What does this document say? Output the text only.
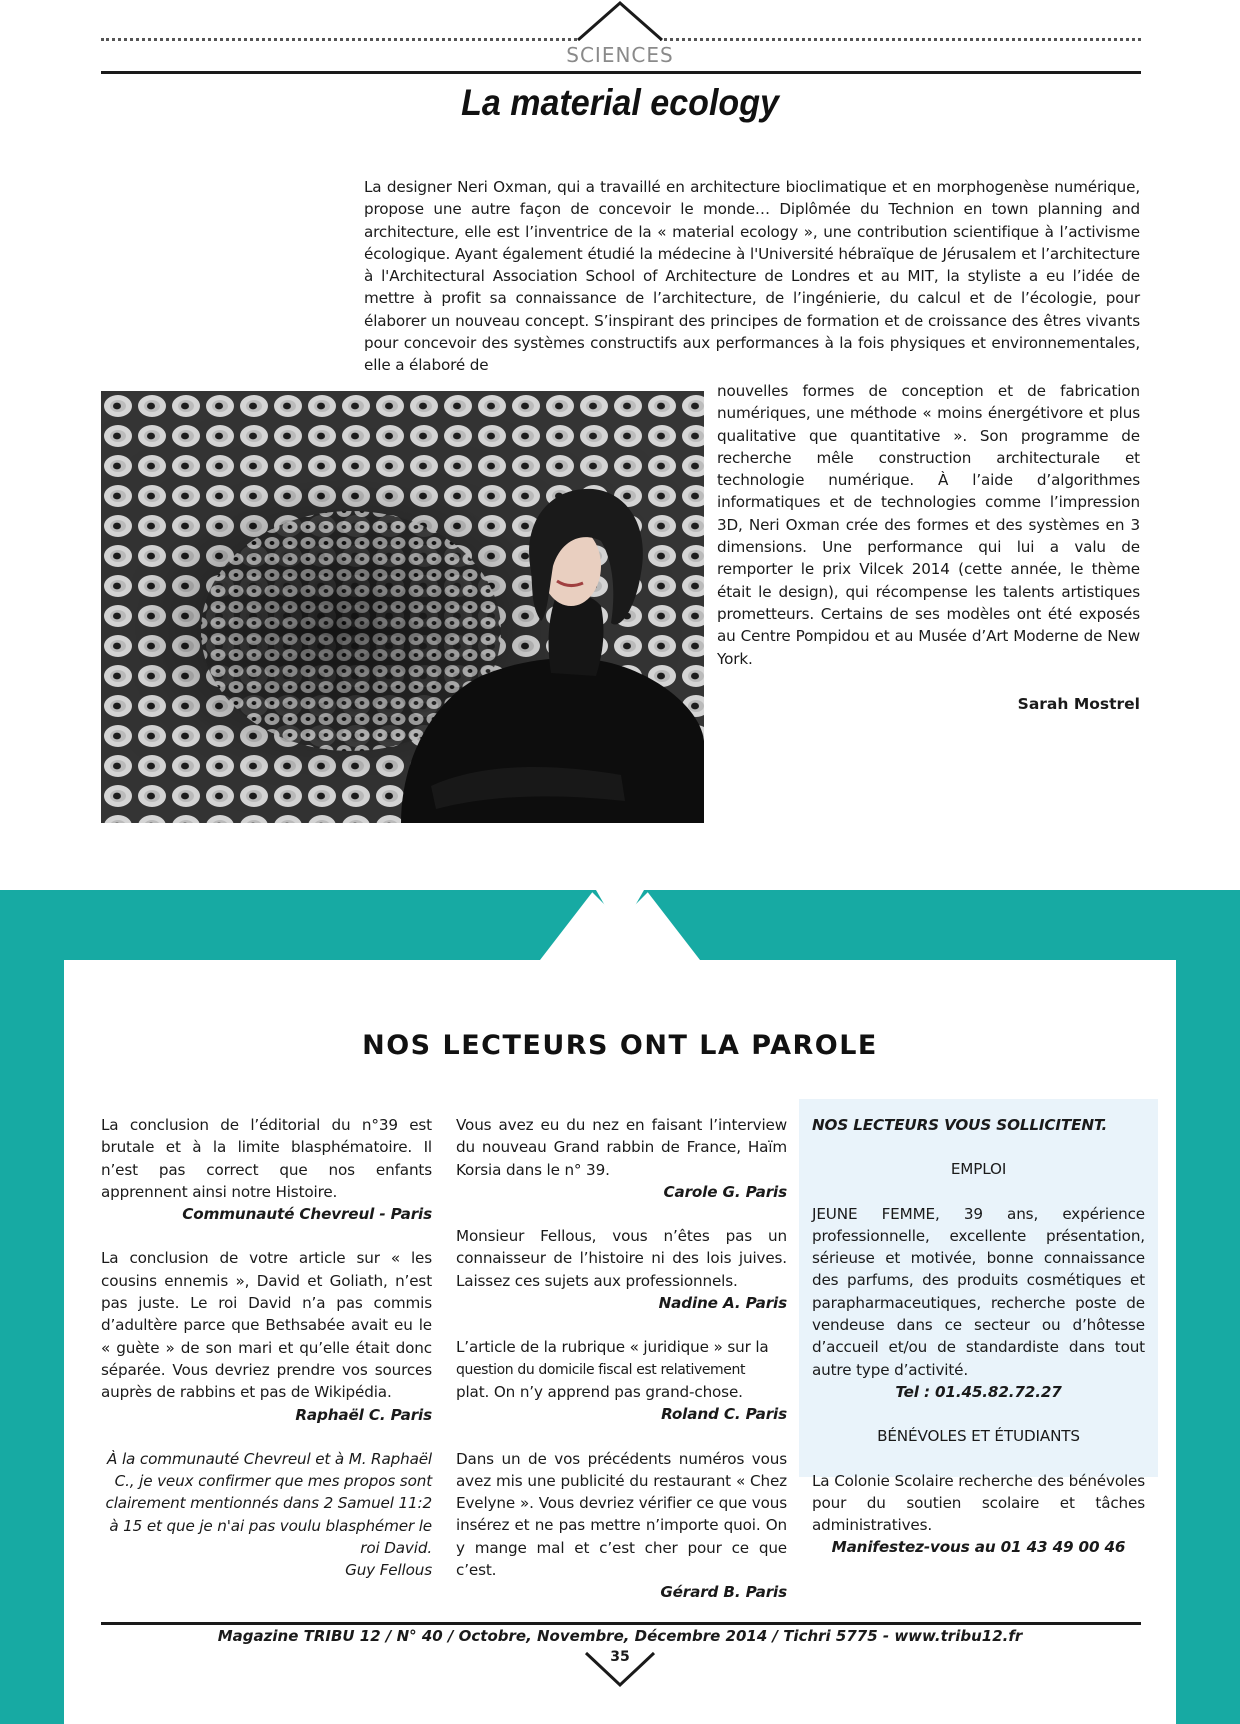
SCIENCES
La material ecology

La designer Neri Oxman, qui a travaillé en architecture bioclimatique et en morphogenèse numérique, propose une autre façon de concevoir le monde… Diplômée du Technion en town planning and architecture, elle est l’inventrice de la « material ecology », une contribution scientifique à l’activisme écologique. Ayant également étudié la médecine à l'Université hébraïque de Jérusalem et l’architecture à l'Architectural Association School of Architecture de Londres et au MIT, la styliste a eu l’idée de mettre à profit sa connaissance de l’architecture, de l’ingénierie, du calcul et de l’écologie, pour élaborer un nouveau concept. S’inspirant des principes de formation et de croissance des êtres vivants pour concevoir des systèmes constructifs aux performances à la fois physiques et environnementales, elle a élaboré de

nouvelles formes de conception et de fabrication numériques, une méthode « moins énergétivore et plus qualitative que quantitative ». Son programme de recherche mêle construction architecturale et technologie numérique. À l’aide d’algorithmes informatiques et de technologies comme l’impression 3D, Neri Oxman crée des formes et des systèmes en 3 dimensions. Une performance qui lui a valu de remporter le prix Vilcek 2014 (cette année, le thème était le design), qui récompense les talents artistiques prometteurs. Certains de ses modèles ont été exposés au Centre Pompidou et au Musée d’Art Moderne de New York.

Sarah Mostrel
NOS LECTEURS ONT LA PAROLE

La conclusion de l’éditorial du n°39 est brutale et à la limite blasphématoire. Il n’est pas correct que nos enfants apprennent ainsi notre Histoire.

Communauté Chevreul - Paris

La conclusion de votre article sur « les cousins ennemis », David et Goliath, n’est pas juste. Le roi David n’a pas commis d’adultère parce que Bethsabée avait eu le « guète » de son mari et qu’elle était donc séparée. Vous devriez prendre vos sources auprès de rabbins et pas de Wikipédia.

Raphaël C. Paris

À la communauté Chevreul et à M. Raphaël C., je veux confirmer que mes propos sont clairement mentionnés dans 2 Samuel 11:2 à 15 et que je n'ai pas voulu blasphémer le roi David.

Guy Fellous

Vous avez eu du nez en faisant l’interview du nouveau Grand rabbin de France, Haïm Korsia dans le n° 39.

Carole G. Paris

Monsieur Fellous, vous n’êtes pas un connaisseur de l’histoire ni des lois juives. Laissez ces sujets aux professionnels.

Nadine A. Paris

L’article de la rubrique « juridique » sur la

question du domicile fiscal est relativement

plat. On n’y apprend pas grand-chose.

Roland C. Paris

Dans un de vos précédents numéros vous avez mis une publicité du restaurant « Chez Evelyne ». Vous devriez vérifier ce que vous insérez et ne pas mettre n’importe quoi. On y mange mal et c’est cher pour ce que c’est.

Gérard B. Paris

NOS LECTEURS VOUS SOLLICITENT.

EMPLOI

JEUNE FEMME, 39 ans, expérience professionnelle, excellente présentation, sérieuse et motivée, bonne connaissance des parfums, des produits cosmétiques et parapharmaceutiques, recherche poste de vendeuse dans ce secteur ou d’hôtesse d’accueil et/ou de standardiste dans tout autre type d’activité.

Tel : 01.45.82.72.27

BÉNÉVOLES ET ÉTUDIANTS

La Colonie Scolaire recherche des bénévoles pour du soutien scolaire et tâches administratives.

Manifestez-vous au 01 43 49 00 46

Magazine TRIBU 12 / N° 40 / Octobre, Novembre, Décembre 2014 / Tichri 5775 - www.tribu12.fr
35
